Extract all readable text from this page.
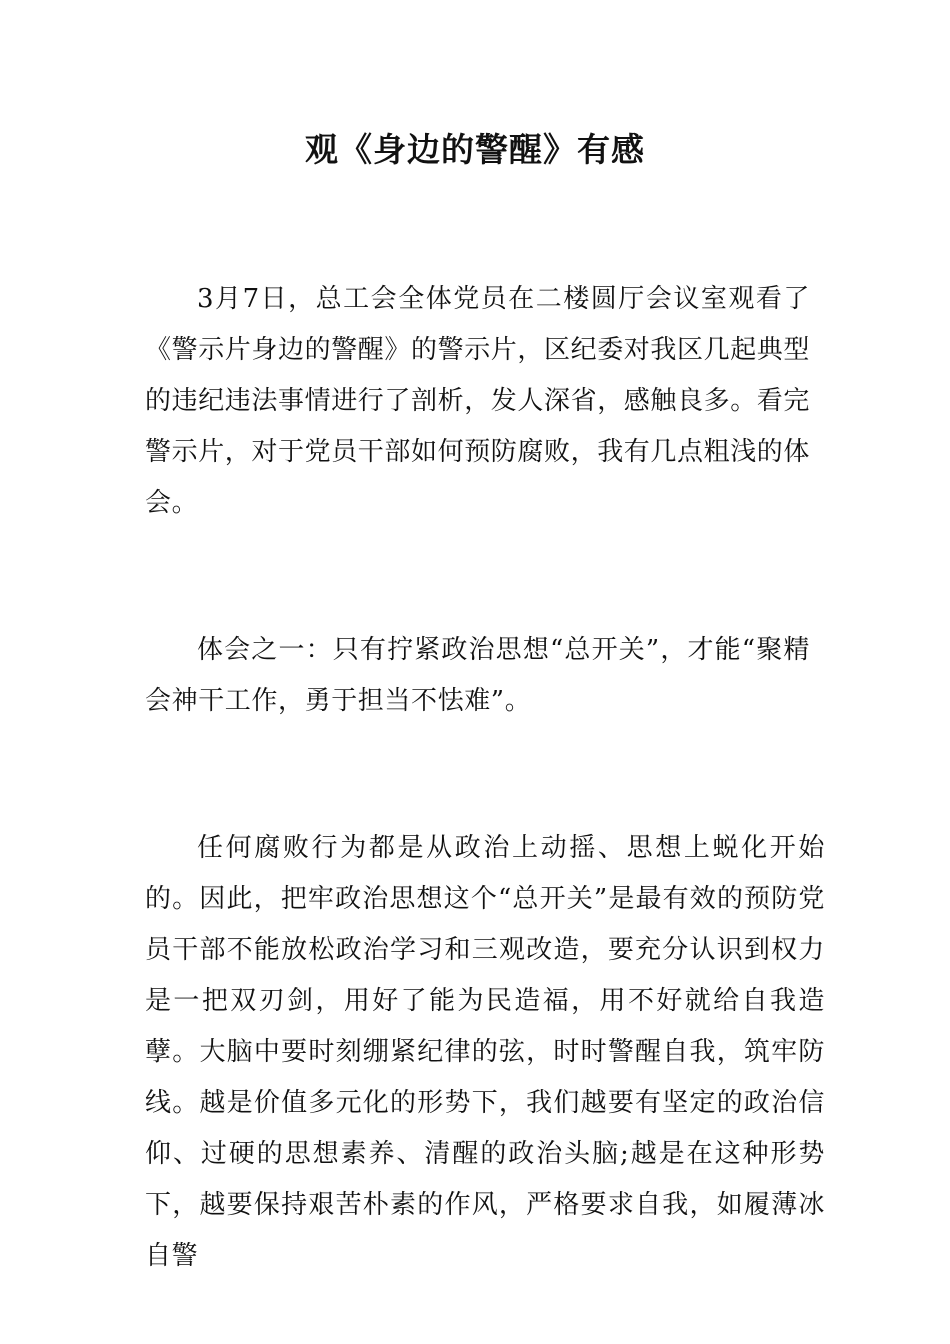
观《身边的警醒》有感

3月7日，总工会全体党员在二楼圆厅会议室观看了《警示片身边的警醒》的警示片，区纪委对我区几起典型的违纪违法事情进行了剖析，发人深省，感触良多。看完警示片，对于党员干部如何预防腐败，我有几点粗浅的体会。

体会之一：只有拧紧政治思想“总开关”，才能“聚精会神干工作，勇于担当不怯难”。

任何腐败行为都是从政治上动摇、思想上蜕化开始的。因此，把牢政治思想这个“总开关”是最有效的预防党员干部不能放松政治学习和三观改造，要充分认识到权力是一把双刃剑，用好了能为民造福，用不好就给自我造孽。大脑中要时刻绷紧纪律的弦，时时警醒自我，筑牢防线。越是价值多元化的形势下，我们越要有坚定的政治信仰、过硬的思想素养、清醒的政治头脑;越是在这种形势下，越要保持艰苦朴素的作风，严格要求自我，如履薄冰自警
